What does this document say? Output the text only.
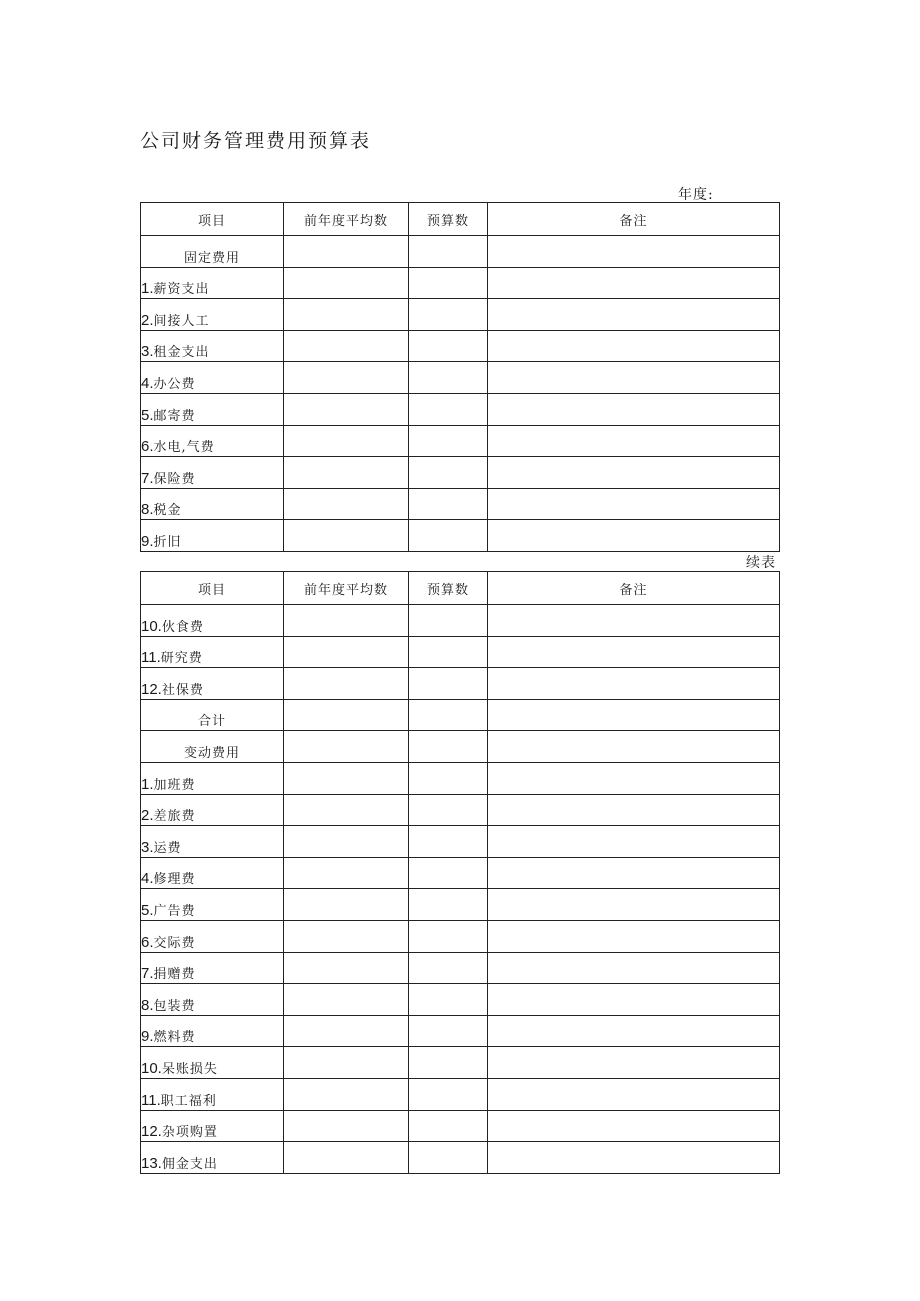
公司财务管理费用预算表
年度:
项目	前年度平均数	预算数	备注
固定费用			
1.薪资支出			
2.间接人工			
3.租金支出			
4.办公费			
5.邮寄费			
6.水电,气费			
7.保险费			
8.税金			
9.折旧			
续表
项目	前年度平均数	预算数	备注
10.伙食费			
11.研究费			
12.社保费			
合计			
变动费用			
1.加班费			
2.差旅费			
3.运费			
4.修理费			
5.广告费			
6.交际费			
7.捐赠费			
8.包装费			
9.燃料费			
10.呆账损失			
11.职工福利			
12.杂项购置			
13.佣金支出			
